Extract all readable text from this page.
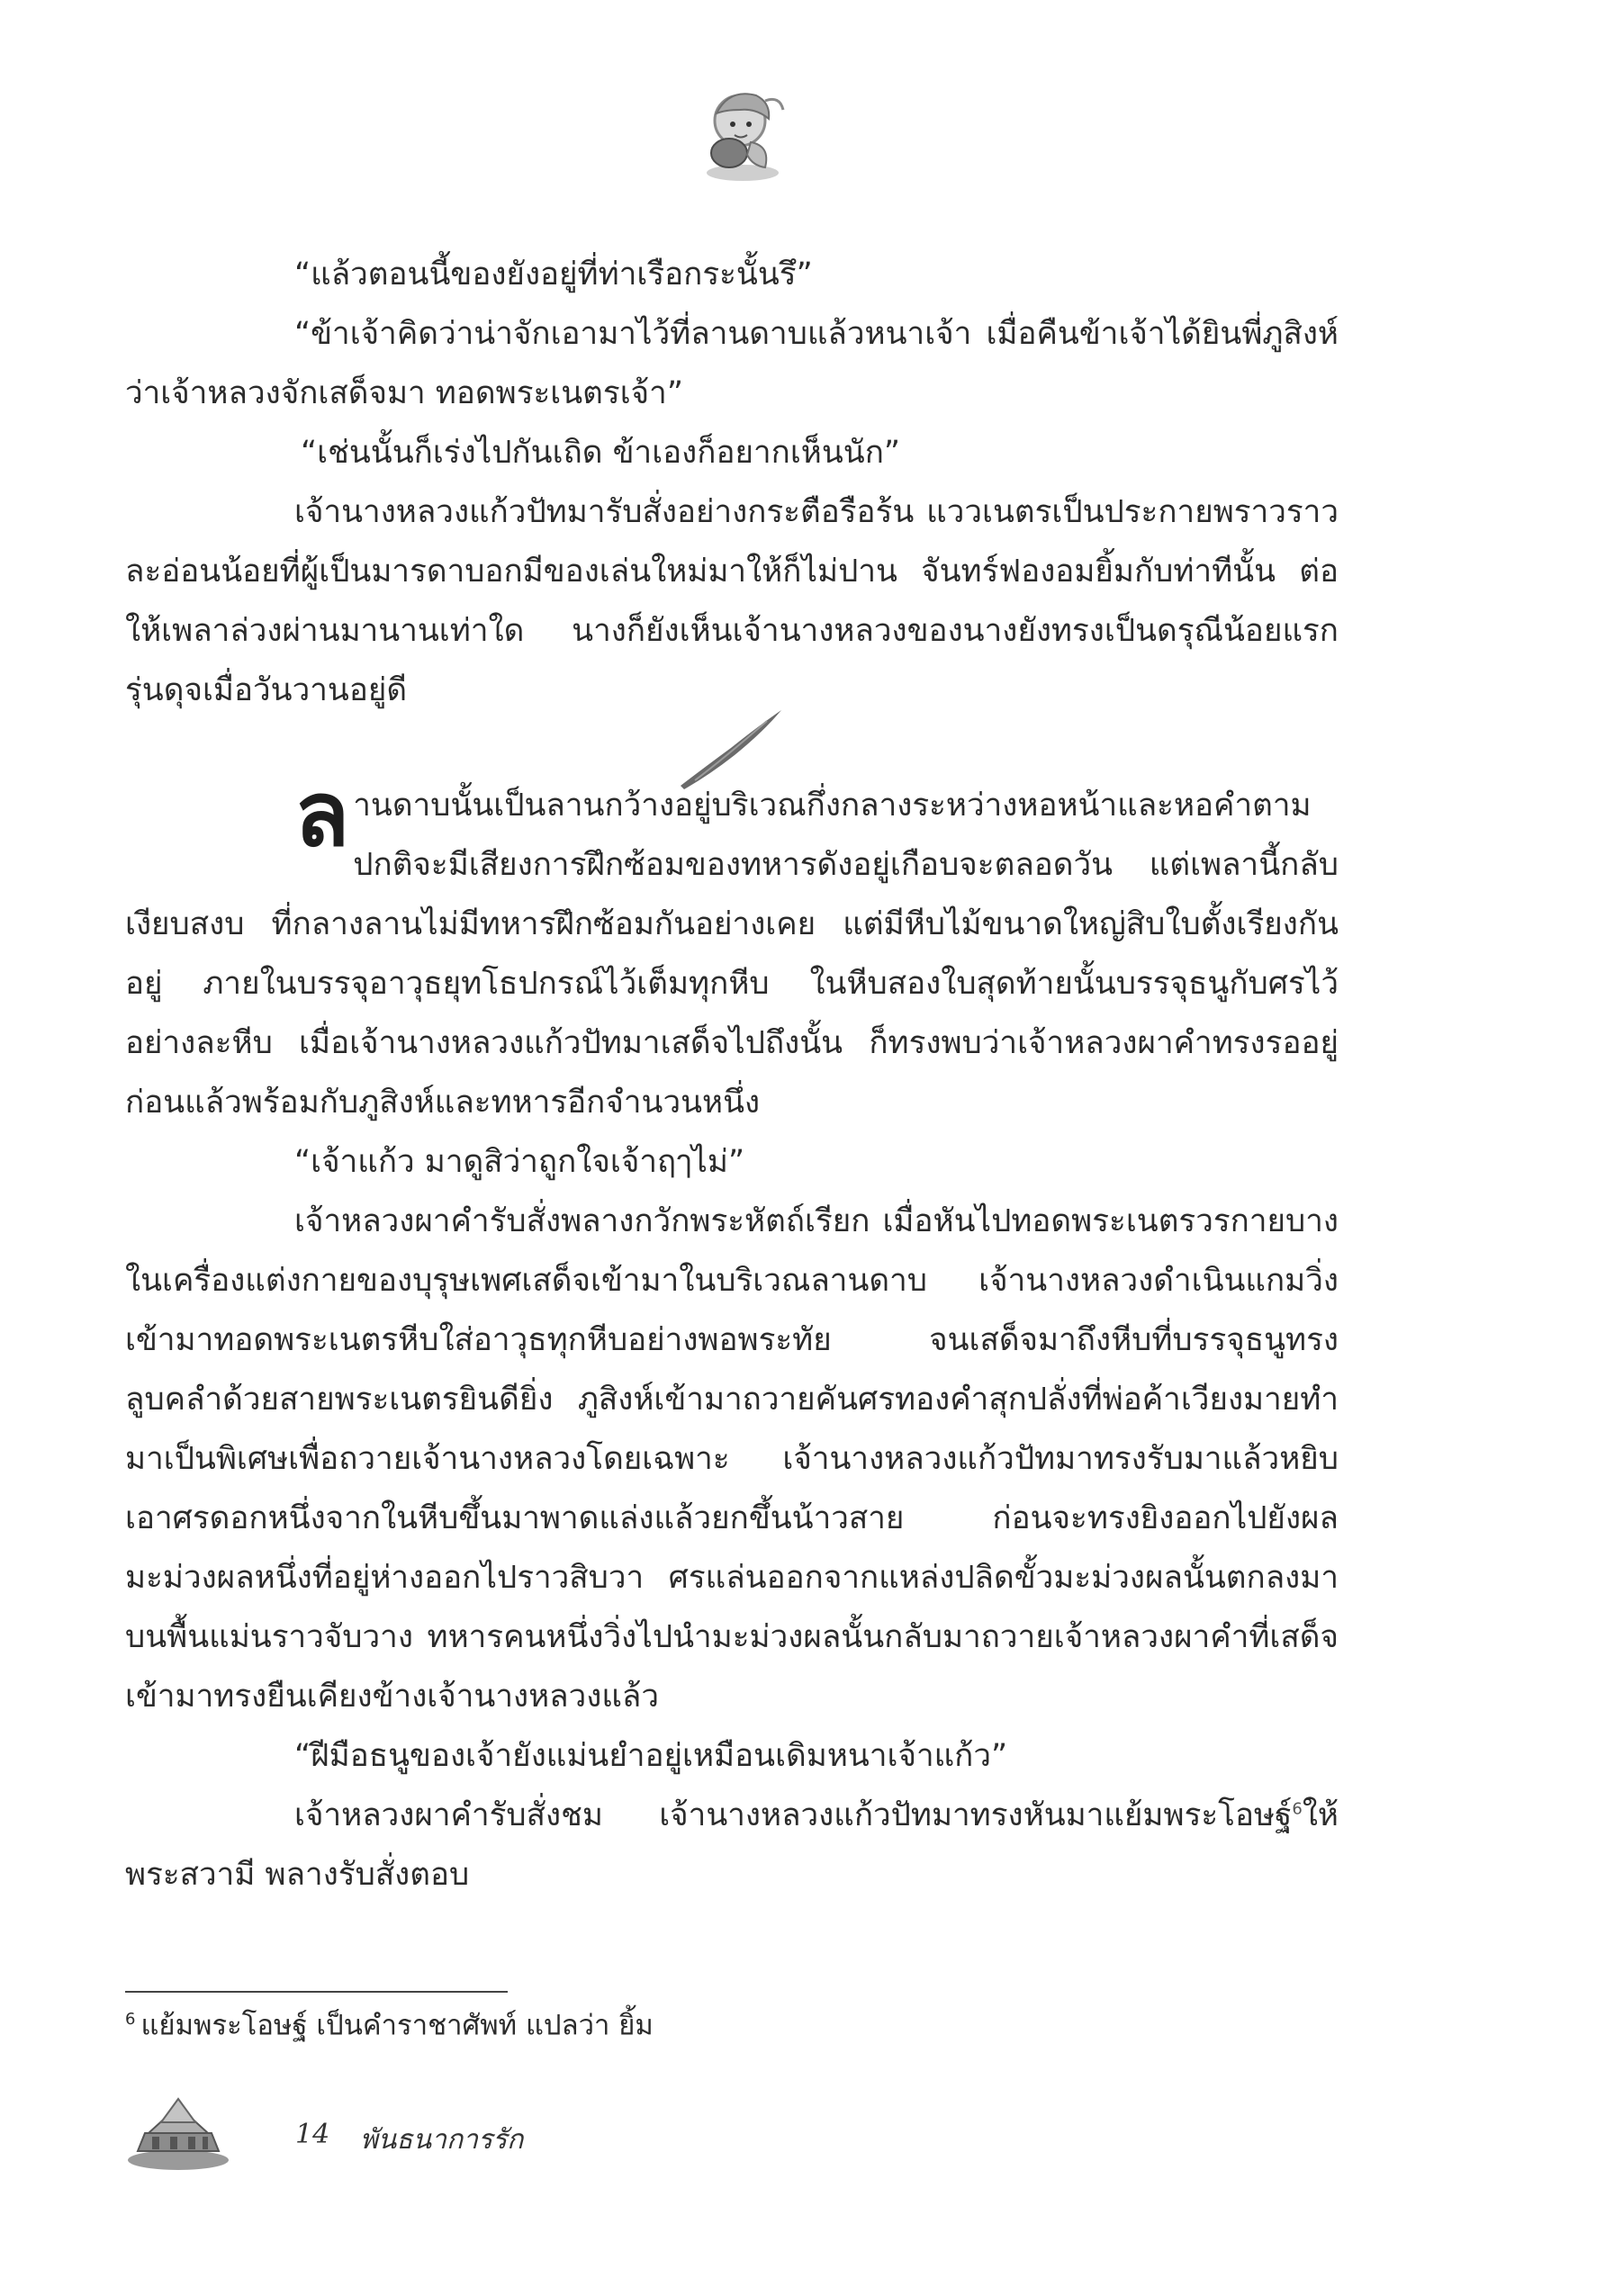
“แล้วตอนนี้ของยังอยู่ที่ท่าเรือกระนั้นรึ”

“ข้าเจ้าคิดว่าน่าจักเอามาไว้ที่ลานดาบแล้วหนาเจ้า เมื่อคืนข้าเจ้าได้ยินพี่ภูสิงห์ว่าเจ้าหลวงจักเสด็จมา ทอดพระเนตรเจ้า”

“เช่นนั้นก็เร่งไปกันเถิด ข้าเองก็อยากเห็นนัก”

เจ้านางหลวงแก้วปัทมารับสั่งอย่างกระตือรือร้น แววเนตรเป็นประกายพราวราวละอ่อนน้อยที่ผู้เป็นมารดาบอกมีของเล่นใหม่มาให้ก็ไม่ปาน จันทร์ฟองอมยิ้มกับท่าทีนั้น ต่อให้เพลาล่วงผ่านมานานเท่าใด นางก็ยังเห็นเจ้านางหลวงของนางยังทรงเป็นดรุณีน้อยแรกรุ่นดุจเมื่อวันวานอยู่ดี

ลานดาบนั้นเป็นลานกว้างอยู่บริเวณกึ่งกลางระหว่างหอหน้าและหอคำตามปกติจะมีเสียงการฝึกซ้อมของทหารดังอยู่เกือบจะตลอดวัน แต่เพลานี้กลับเงียบสงบ ที่กลางลานไม่มีทหารฝึกซ้อมกันอย่างเคย แต่มีหีบไม้ขนาดใหญ่สิบใบตั้งเรียงกันอยู่ ภายในบรรจุอาวุธยุทโธปกรณ์ไว้เต็มทุกหีบ ในหีบสองใบสุดท้ายนั้นบรรจุธนูกับศรไว้อย่างละหีบ เมื่อเจ้านางหลวงแก้วปัทมาเสด็จไปถึงนั้น ก็ทรงพบว่าเจ้าหลวงผาคำทรงรออยู่ก่อนแล้วพร้อมกับภูสิงห์และทหารอีกจำนวนหนึ่ง

“เจ้าแก้ว มาดูสิว่าถูกใจเจ้าฤๅไม่”

เจ้าหลวงผาคำรับสั่งพลางกวักพระหัตถ์เรียก เมื่อหันไปทอดพระเนตรวรกายบางในเครื่องแต่งกายของบุรุษเพศเสด็จเข้ามาในบริเวณลานดาบ เจ้านางหลวงดำเนินแกมวิ่งเข้ามาทอดพระเนตรหีบใส่อาวุธทุกหีบอย่างพอพระทัย จนเสด็จมาถึงหีบที่บรรจุธนูทรงลูบคลำด้วยสายพระเนตรยินดียิ่ง ภูสิงห์เข้ามาถวายคันศรทองคำสุกปลั่งที่พ่อค้าเวียงมายทำมาเป็นพิเศษเพื่อถวายเจ้านางหลวงโดยเฉพาะ เจ้านางหลวงแก้วปัทมาทรงรับมาแล้วหยิบเอาศรดอกหนึ่งจากในหีบขึ้นมาพาดแล่งแล้วยกขึ้นน้าวสาย ก่อนจะทรงยิงออกไปยังผลมะม่วงผลหนึ่งที่อยู่ห่างออกไปราวสิบวา ศรแล่นออกจากแหล่งปลิดขั้วมะม่วงผลนั้นตกลงมาบนพื้นแม่นราวจับวาง ทหารคนหนึ่งวิ่งไปนำมะม่วงผลนั้นกลับมาถวายเจ้าหลวงผาคำที่เสด็จเข้ามาทรงยืนเคียงข้างเจ้านางหลวงแล้ว

“ฝีมือธนูของเจ้ายังแม่นยำอยู่เหมือนเดิมหนาเจ้าแก้ว”

เจ้าหลวงผาคำรับสั่งชม เจ้านางหลวงแก้วปัทมาทรงหันมาแย้มพระโอษฐ์$^6$ให้พระสวามี พลางรับสั่งตอบ

$^6$ แย้มพระโอษฐ์ เป็นคำราชาศัพท์ แปลว่า ยิ้ม
14 พันธนาการรัก
